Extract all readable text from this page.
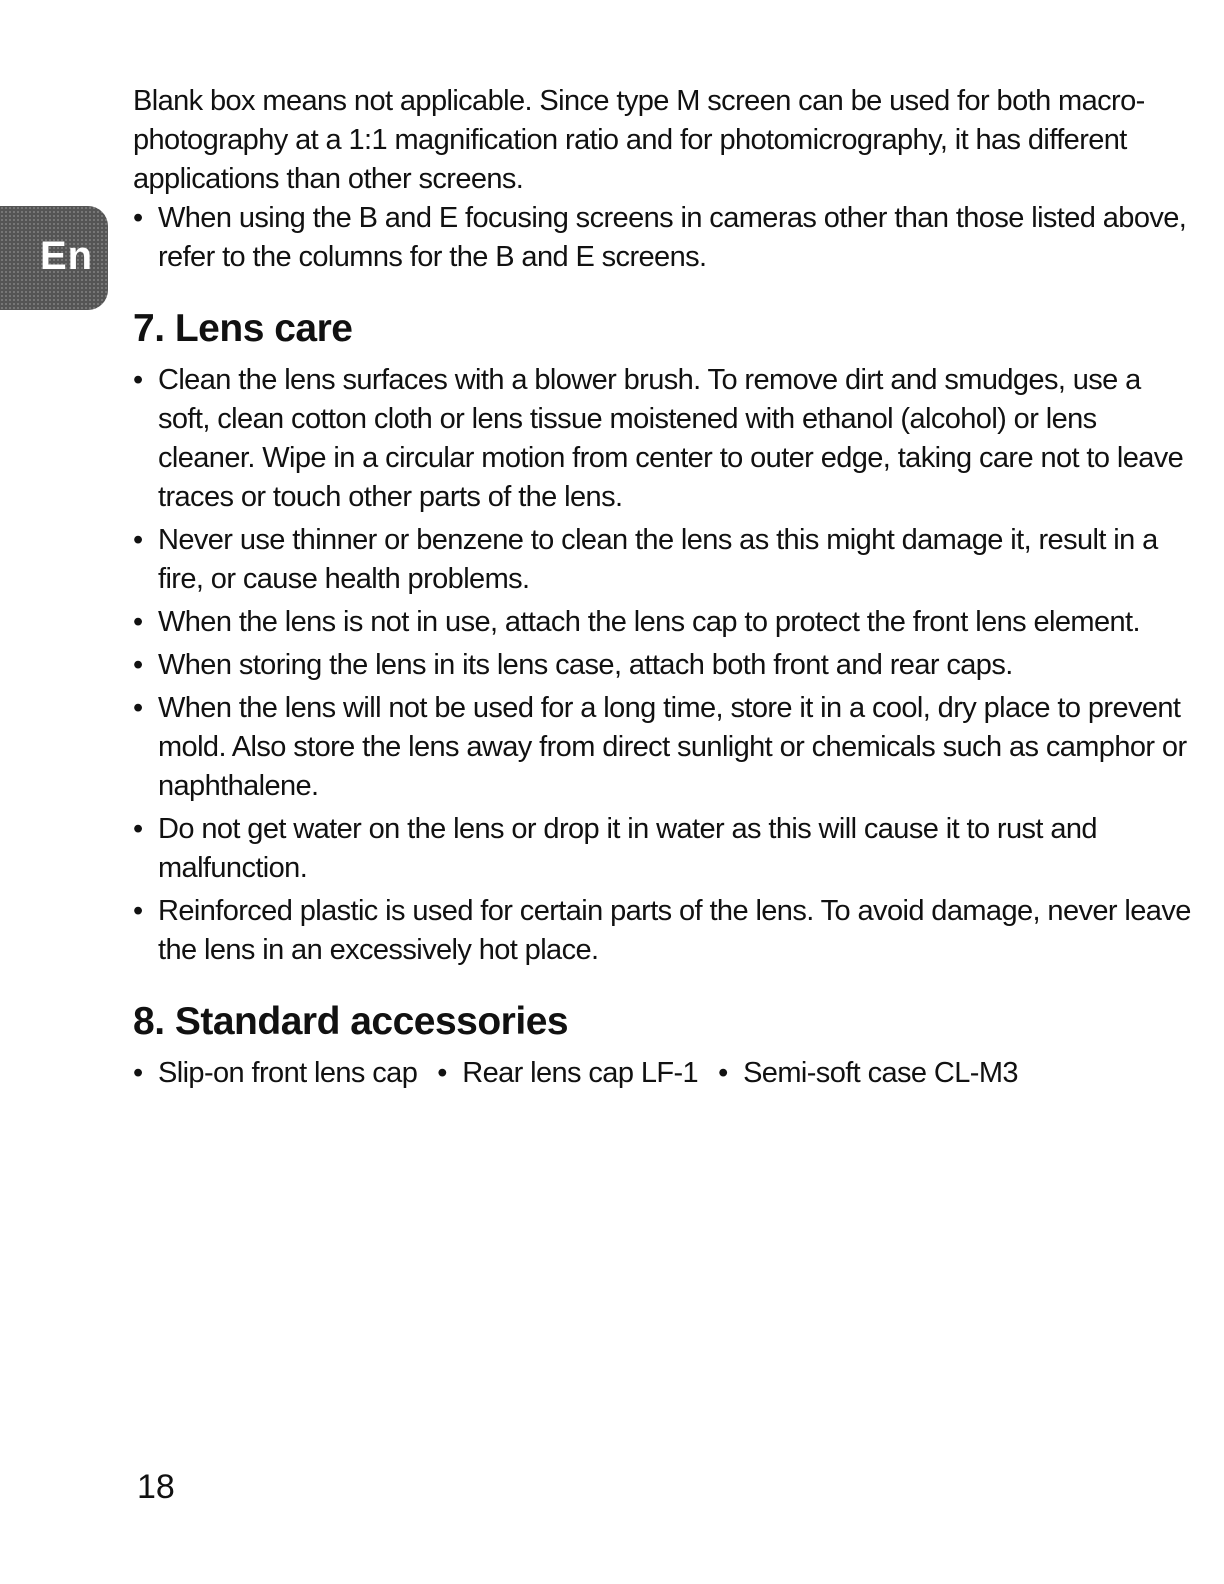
En

Blank box means not applicable. Since type M screen can be used for both macro-photography at a 1:1 magnification ratio and for photomicrography, it has different applications than other screens.

• When using the B and E focusing screens in cameras other than those listed above, refer to the columns for the B and E screens.
7. Lens care
• Clean the lens surfaces with a blower brush. To remove dirt and smudges, use a soft, clean cotton cloth or lens tissue moistened with ethanol (alcohol) or lens cleaner. Wipe in a circular motion from center to outer edge, taking care not to leave traces or touch other parts of the lens.
• Never use thinner or benzene to clean the lens as this might damage it, result in a fire, or cause health problems.
• When the lens is not in use, attach the lens cap to protect the front lens element.
• When storing the lens in its lens case, attach both front and rear caps.
• When the lens will not be used for a long time, store it in a cool, dry place to prevent mold. Also store the lens away from direct sunlight or chemicals such as camphor or naphthalene.
• Do not get water on the lens or drop it in water as this will cause it to rust and malfunction.
• Reinforced plastic is used for certain parts of the lens. To avoid damage, never leave the lens in an excessively hot place.
8. Standard accessories
• Slip-on front lens cap	• Rear lens cap LF-1	• Semi-soft case CL-M3
18
